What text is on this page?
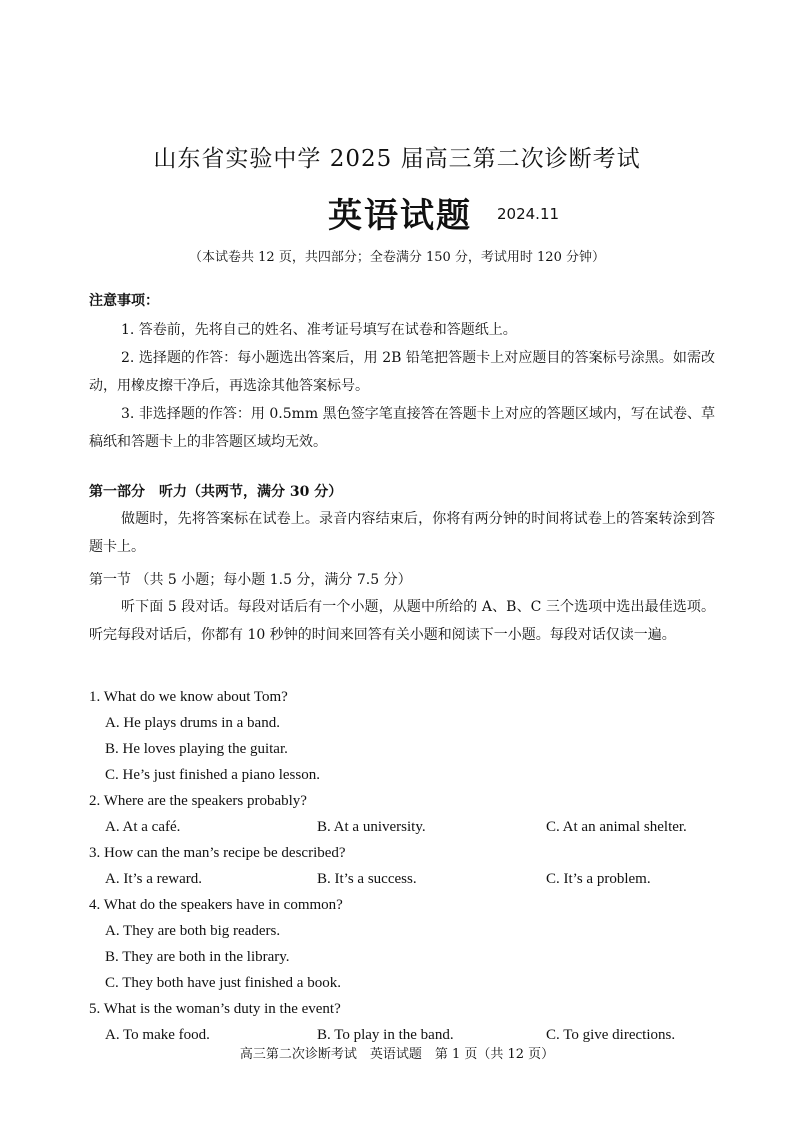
山东省实验中学 2025 届高三第二次诊断考试
英语试题 2024.11
（本试卷共 12 页，共四部分；全卷满分 150 分，考试用时 120 分钟）
注意事项：

1. 答卷前，先将自己的姓名、准考证号填写在试卷和答题纸上。

2. 选择题的作答：每小题选出答案后，用 2B 铅笔把答题卡上对应题目的答案标号涂黑。如需改动，用橡皮擦干净后，再选涂其他答案标号。

3. 非选择题的作答：用 0.5mm 黑色签字笔直接答在答题卡上对应的答题区域内，写在试卷、草稿纸和答题卡上的非答题区域均无效。

第一部分　听力（共两节，满分 30 分）

做题时，先将答案标在试卷上。录音内容结束后，你将有两分钟的时间将试卷上的答案转涂到答题卡上。

第一节 （共 5 小题；每小题 1.5 分，满分 7.5 分）

听下面 5 段对话。每段对话后有一个小题，从题中所给的 A、B、C 三个选项中选出最佳选项。听完每段对话后，你都有 10 秒钟的时间来回答有关小题和阅读下一小题。每段对话仅读一遍。

1. What do we know about Tom?
A. He plays drums in a band.
B. He loves playing the guitar.
C. He’s just finished a piano lesson.
2. Where are the speakers probably?
A. At a café.	B. At a university.	C. At an animal shelter.
3. How can the man’s recipe be described?
A. It’s a reward.	B. It’s a success.	C. It’s a problem.
4. What do the speakers have in common?
A. They are both big readers.
B. They are both in the library.
C. They both have just finished a book.
5. What is the woman’s duty in the event?
A. To make food.	B. To play in the band.	C. To give directions.
高三第二次诊断考试　英语试题　第 1 页（共 12 页）
